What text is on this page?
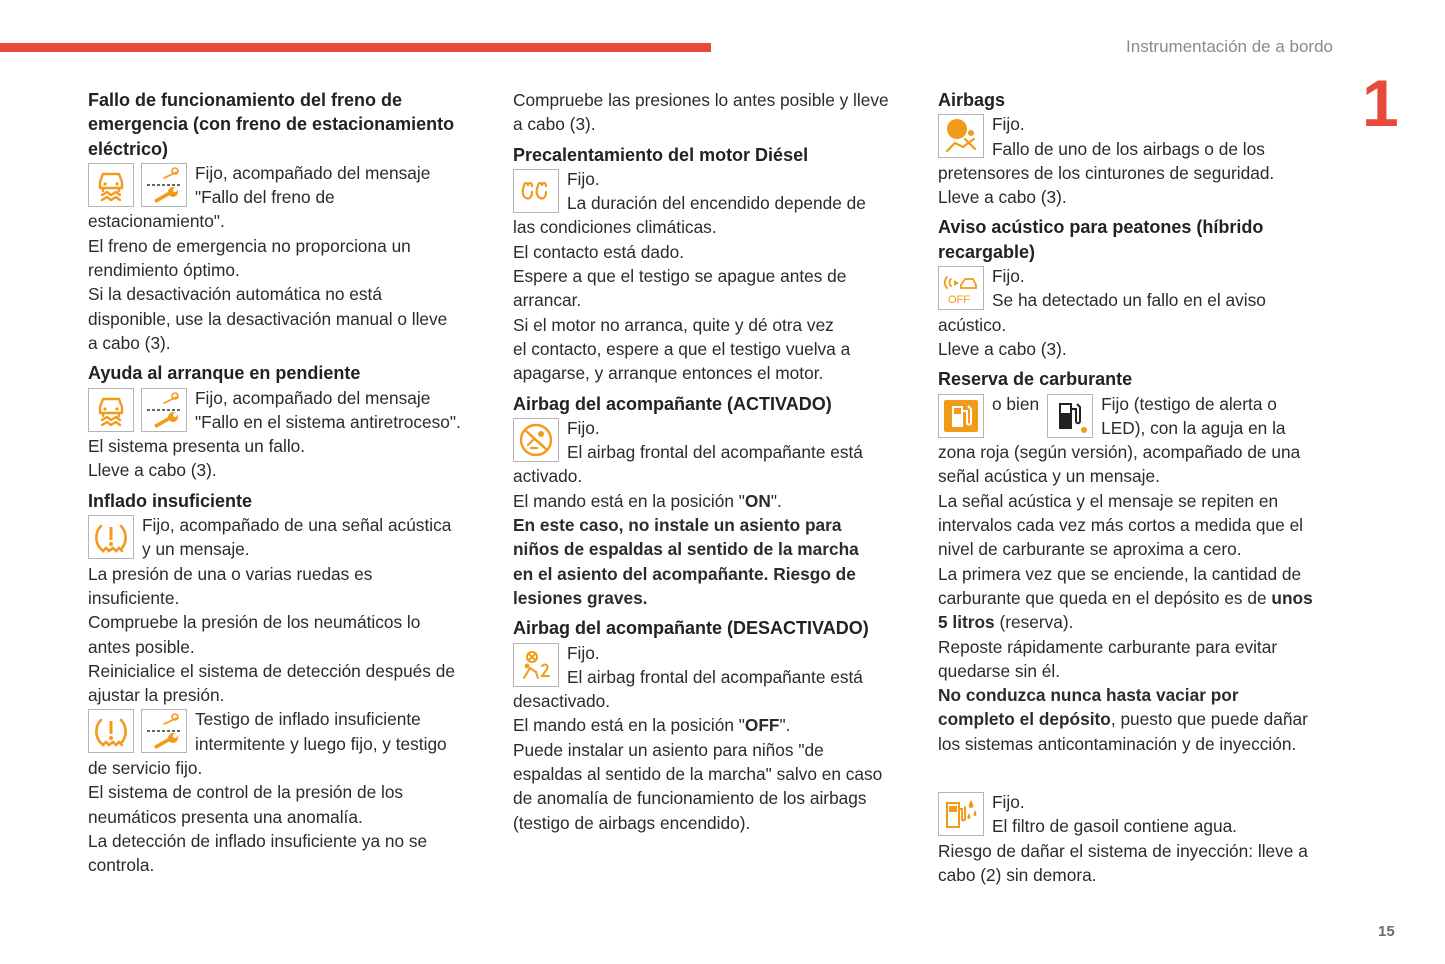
Instrumentación de a bordo
1
15
Fallo de funcionamiento del freno de emergencia (con freno de estacionamiento eléctrico)

Fijo, acompañado del mensaje

"Fallo del freno de

estacionamiento".

El freno de emergencia no proporciona un

rendimiento óptimo.

Si la desactivación automática no está

disponible, use la desactivación manual o lleve

a cabo (3).

Ayuda al arranque en pendiente

Fijo, acompañado del mensaje

"Fallo en el sistema antiretroceso".

El sistema presenta un fallo.

Lleve a cabo (3).

Inflado insuficiente

Fijo, acompañado de una señal acústica

y un mensaje.

La presión de una o varias ruedas es

insuficiente.

Compruebe la presión de los neumáticos lo

antes posible.

Reinicialice el sistema de detección después de

ajustar la presión.

Testigo de inflado insuficiente

intermitente y luego fijo, y testigo

de servicio fijo.

El sistema de control de la presión de los

neumáticos presenta una anomalía.

La detección de inflado insuficiente ya no se

controla.

Compruebe las presiones lo antes posible y lleve

a cabo (3).

Precalentamiento del motor Diésel

Fijo.

La duración del encendido depende de

las condiciones climáticas.

El contacto está dado.

Espere a que el testigo se apague antes de

arrancar.

Si el motor no arranca, quite y dé otra vez

el contacto, espere a que el testigo vuelva a

apagarse, y arranque entonces el motor.

Airbag del acompañante (ACTIVADO)

Fijo.

El airbag frontal del acompañante está

activado.

El mando está en la posición "ON".

En este caso, no instale un asiento para

niños de espaldas al sentido de la marcha

en el asiento del acompañante. Riesgo de

lesiones graves.

Airbag del acompañante (DESACTIVADO)

Fijo.

El airbag frontal del acompañante está

desactivado.

El mando está en la posición "OFF".

Puede instalar un asiento para niños "de

espaldas al sentido de la marcha" salvo en caso

de anomalía de funcionamiento de los airbags

(testigo de airbags encendido).

Airbags

Fijo.

Fallo de uno de los airbags o de los

pretensores de los cinturones de seguridad.

Lleve a cabo (3).

Aviso acústico para peatones (híbrido recargable)
OFF

Fijo.

Se ha detectado un fallo en el aviso

acústico.

Lleve a cabo (3).

Reserva de carburante
o bien	Fijo (testigo de alerta o

LED), con la aguja en la

zona roja (según versión), acompañado de una

señal acústica y un mensaje.

La señal acústica y el mensaje se repiten en

intervalos cada vez más cortos a medida que el

nivel de carburante se aproxima a cero.

La primera vez que se enciende, la cantidad de

carburante que queda en el depósito es de unos

5 litros (reserva).

Reposte rápidamente carburante para evitar

quedarse sin él.

No conduzca nunca hasta vaciar por

completo el depósito, puesto que puede dañar

los sistemas anticontaminación y de inyección.

Fijo.

El filtro de gasoil contiene agua.

Riesgo de dañar el sistema de inyección: lleve a

cabo (2) sin demora.
